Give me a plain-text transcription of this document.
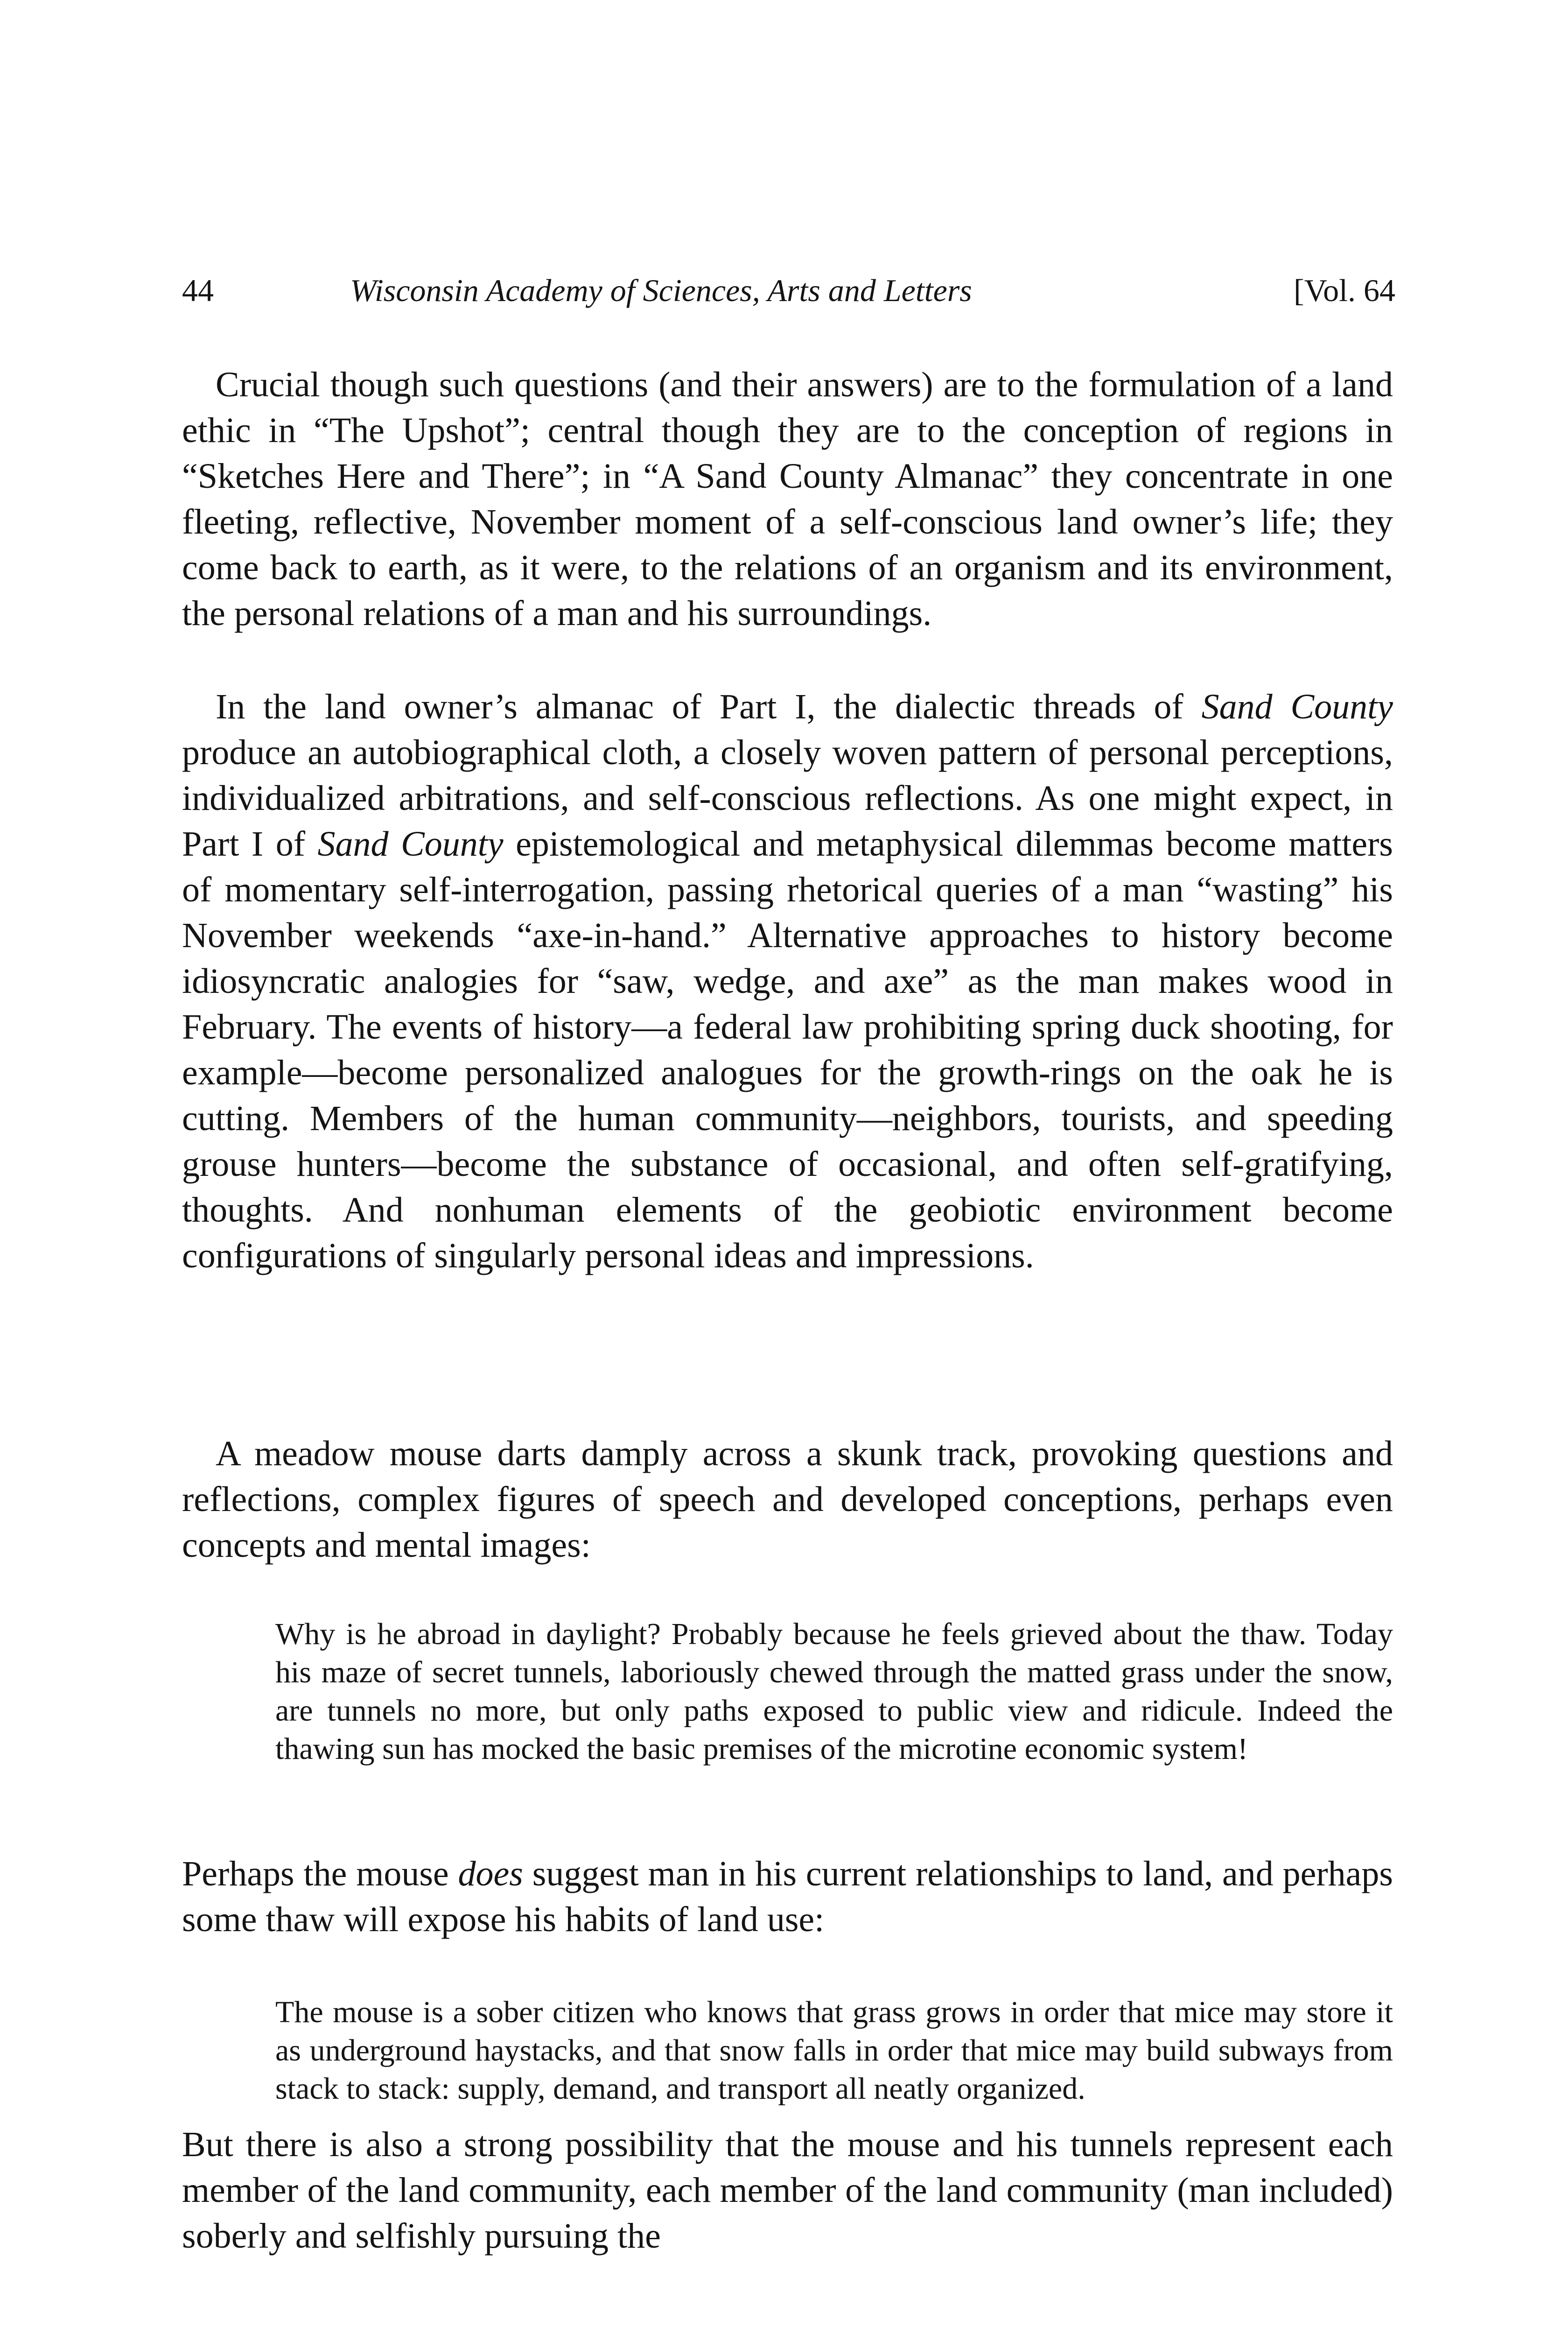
44	Wisconsin Academy of Sciences, Arts and Letters	[Vol. 64

Crucial though such questions (and their answers) are to the formulation of a land ethic in “The Upshot”; central though they are to the conception of regions in “Sketches Here and There”; in “A Sand County Almanac” they concentrate in one fleeting, reflective, November moment of a self-conscious land owner’s life; they come back to earth, as it were, to the relations of an organism and its environment, the personal relations of a man and his surroundings.

In the land owner’s almanac of Part I, the dialectic threads of Sand County produce an autobiographical cloth, a closely woven pattern of personal perceptions, individualized arbitrations, and self-conscious reflections. As one might expect, in Part I of Sand County epistemological and metaphysical dilemmas become matters of momentary self-interrogation, passing rhetorical queries of a man “wasting” his November weekends “axe-in-hand.” Alternative approaches to history become idiosyncratic analogies for “saw, wedge, and axe” as the man makes wood in February. The events of history—a federal law prohibiting spring duck shooting, for example—become personalized analogues for the growth-rings on the oak he is cutting. Members of the human community—neighbors, tourists, and speeding grouse hunters—become the substance of occasional, and often self-gratifying, thoughts. And nonhuman elements of the geobiotic environment become configurations of singularly personal ideas and impressions.

A meadow mouse darts damply across a skunk track, provoking questions and reflections, complex figures of speech and developed conceptions, perhaps even concepts and mental images:

Why is he abroad in daylight? Probably because he feels grieved about the thaw. Today his maze of secret tunnels, laboriously chewed through the matted grass under the snow, are tunnels no more, but only paths exposed to public view and ridicule. Indeed the thawing sun has mocked the basic premises of the microtine economic system!

Perhaps the mouse does suggest man in his current relationships to land, and perhaps some thaw will expose his habits of land use:

The mouse is a sober citizen who knows that grass grows in order that mice may store it as underground haystacks, and that snow falls in order that mice may build subways from stack to stack: supply, demand, and transport all neatly organized.

But there is also a strong possibility that the mouse and his tunnels represent each member of the land community, each member of the land community (man included) soberly and selfishly pursuing the
